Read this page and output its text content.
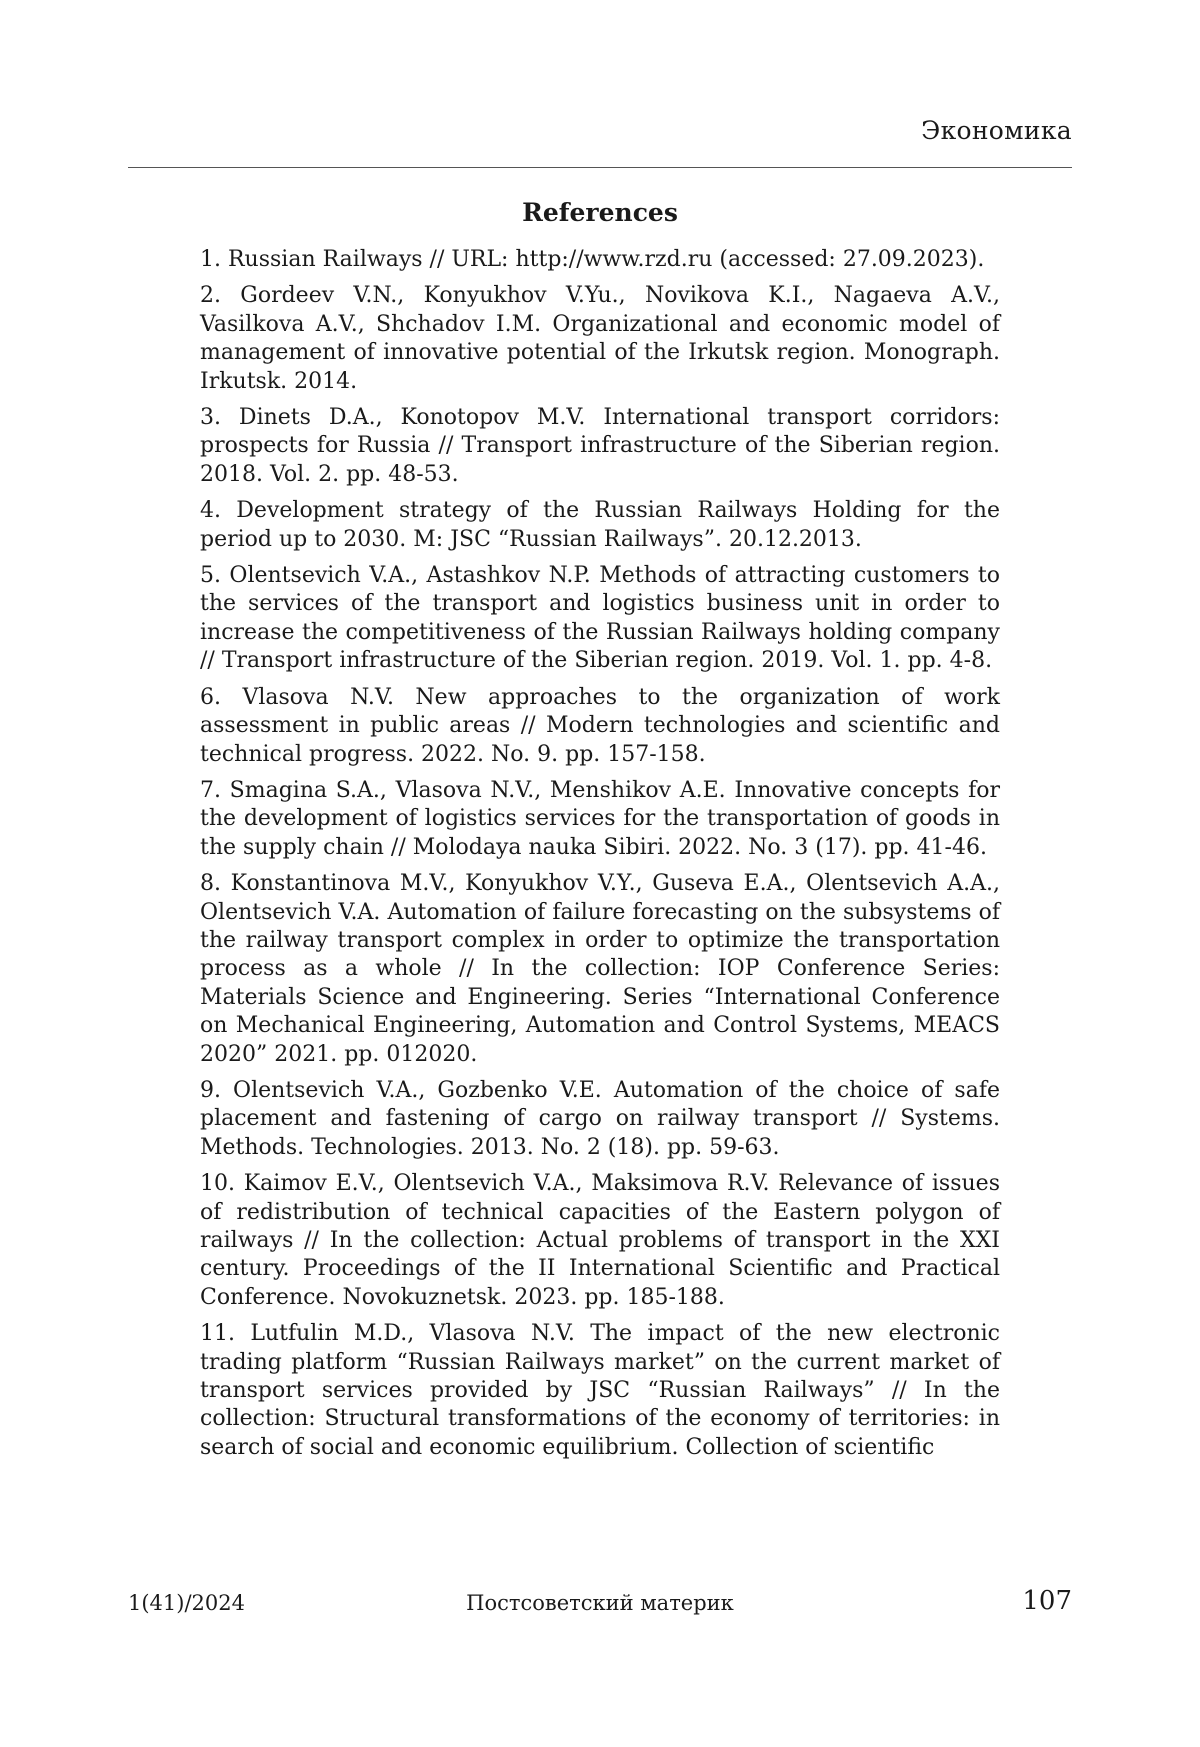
Экономика
References
1. Russian Railways // URL: http://www.rzd.ru (accessed: 27.09.2023).
2. Gordeev V.N., Konyukhov V.Yu., Novikova K.I., Nagaeva A.V., Vasilkova A.V., Shchadov I.M. Organizational and economic model of management of innovative potential of the Irkutsk region. Monograph. Irkutsk. 2014.
3. Dinets D.A., Konotopov M.V. International transport corridors: prospects for Russia // Transport infrastructure of the Siberian region. 2018. Vol. 2. pp. 48-53.
4. Development strategy of the Russian Railways Holding for the period up to 2030. M: JSC “Russian Railways”. 20.12.2013.
5. Olentsevich V.A., Astashkov N.P. Methods of attracting customers to the services of the transport and logistics business unit in order to increase the competitiveness of the Russian Railways holding company // Transport infrastructure of the Siberian region. 2019. Vol. 1. pp. 4-8.
6. Vlasova N.V. New approaches to the organization of work assessment in public areas // Modern technologies and scientific and technical progress. 2022. No. 9. pp. 157-158.
7. Smagina S.A., Vlasova N.V., Menshikov A.E. Innovative concepts for the development of logistics services for the transportation of goods in the supply chain // Molodaya nauka Sibiri. 2022. No. 3 (17). pp. 41-46.
8. Konstantinova M.V., Konyukhov V.Y., Guseva E.A., Olentsevich A.A., Olentsevich V.A. Automation of failure forecasting on the subsystems of the railway transport complex in order to optimize the transportation process as a whole // In the collection: IOP Conference Series: Materials Science and Engineering. Series “International Conference on Mechanical Engineering, Automation and Control Systems, MEACS 2020” 2021. pp. 012020.
9. Olentsevich V.A., Gozbenko V.E. Automation of the choice of safe placement and fastening of cargo on railway transport // Systems. Methods. Technologies. 2013. No. 2 (18). pp. 59-63.
10. Kaimov E.V., Olentsevich V.A., Maksimova R.V. Relevance of issues of redistribution of technical capacities of the Eastern polygon of railways // In the collection: Actual problems of transport in the XXI century. Proceedings of the II International Scientific and Practical Conference. Novokuznetsk. 2023. pp. 185-188.
11. Lutfulin M.D., Vlasova N.V. The impact of the new electronic trading platform “Russian Railways market” on the current market of transport services provided by JSC “Russian Railways” // In the collection: Structural transformations of the economy of territories: in search of social and economic equilibrium. Collection of scientific
1(41)/2024	Постсоветский материк	107
